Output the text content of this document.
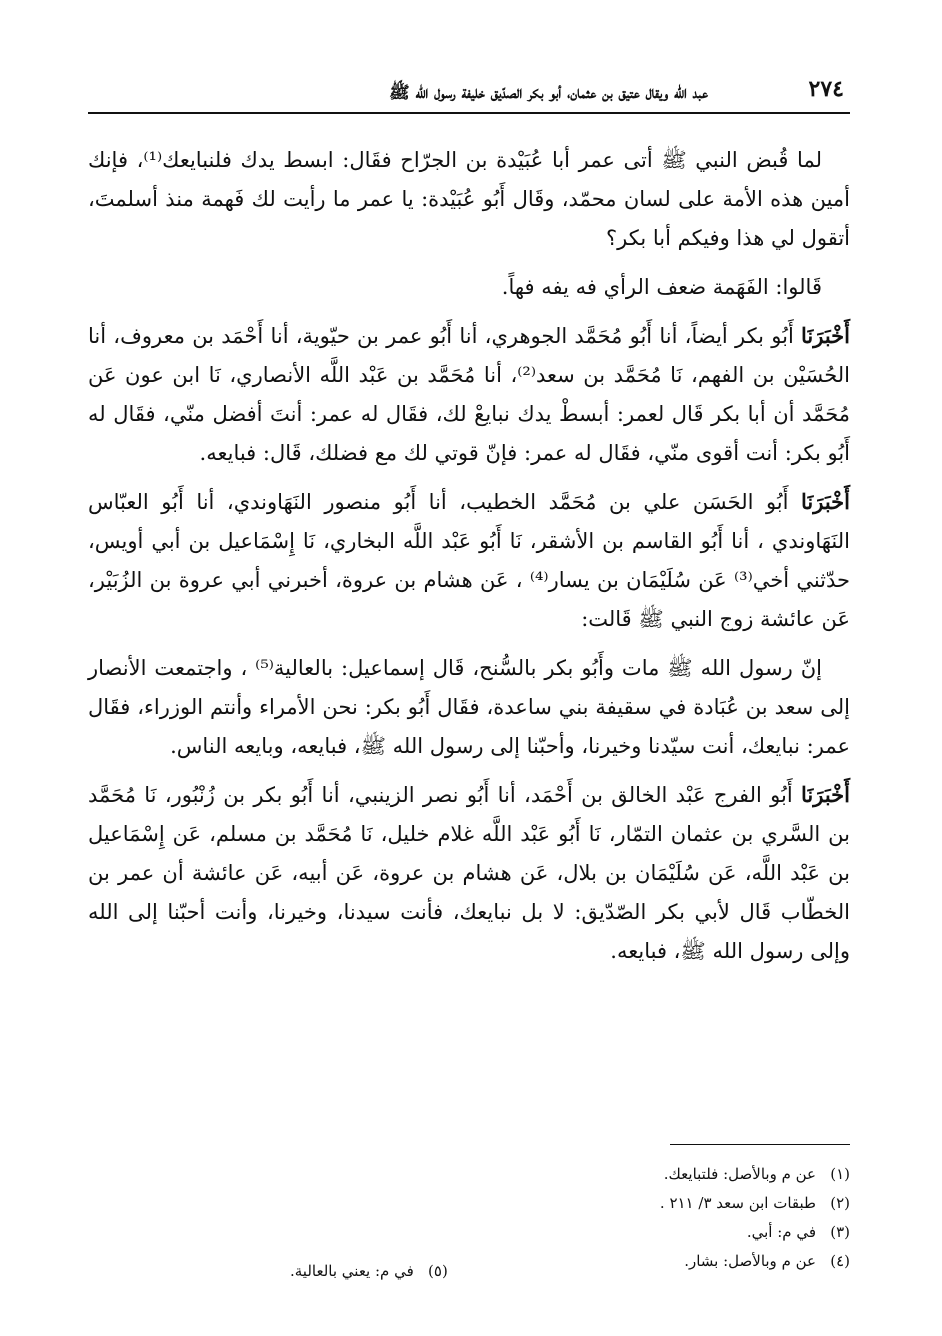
٢٧٤
عبد الله ويقال عتيق بن عثمان، أبو بكر الصدّيق خليفة رسول الله ﷺ

لما قُبض النبي ﷺ أتى عمر أبا عُبَيْدة بن الجرّاح فقَال: ابسط يدك فلنبايعك⁽¹⁾، فإنك أمين هذه الأمة على لسان محمّد، وقَال أَبُو عُبَيْدة: يا عمر ما رأيت لك فَهمة منذ أسلمتَ، أتقول لي هذا وفيكم أبا بكر؟

قَالوا: الفَهَمة ضعف الرأي فه يفه فهاً.

أَخْبَرَنَا أَبُو بكر أيضاً، أنا أَبُو مُحَمَّد الجوهري، أنا أَبُو عمر بن حيّوية، أنا أَحْمَد بن معروف، أنا الحُسَيْن بن الفهم، نَا مُحَمَّد بن سعد⁽²⁾، أنا مُحَمَّد بن عَبْد اللَّه الأنصاري، نَا ابن عون عَن مُحَمَّد أن أبا بكر قَال لعمر: أبسطْ يدك نبايعْ لك، فقَال له عمر: أنتَ أفضل منّي، فقَال له أَبُو بكر: أنت أقوى منّي، فقَال له عمر: فإنّ قوتي لك مع فضلك، قَال: فبايعه.

أَخْبَرَنَا أَبُو الحَسَن علي بن مُحَمَّد الخطيب، أنا أَبُو منصور النَهَاوندي، أنا أَبُو العبّاس النَهَاوندي ، أنا أَبُو القاسم بن الأشقر، نَا أَبُو عَبْد اللَّه البخاري، نَا إِسْمَاعيل بن أبي أويس، حدّثني أخي⁽³⁾ عَن سُلَيْمَان بن يسار⁽⁴⁾ ، عَن هشام بن عروة، أخبرني أبي عروة بن الزُبَيْر، عَن عائشة زوج النبي ﷺ قَالت:

إنّ رسول الله ﷺ مات وأَبُو بكر بالسُّنح، قَال إسماعيل: بالعالية⁽⁵⁾ ، واجتمعت الأنصار إلى سعد بن عُبَادة في سقيفة بني ساعدة، فقَال أَبُو بكر: نحن الأمراء وأنتم الوزراء، فقَال عمر: نبايعك، أنت سيّدنا وخيرنا، وأحبّنا إلى رسول الله ﷺ، فبايعه، وبايعه الناس.

أَخْبَرَنَا أَبُو الفرج عَبْد الخالق بن أَحْمَد، أنا أَبُو نصر الزينبي، أنا أَبُو بكر بن زُنْبُور، نَا مُحَمَّد بن السَّري بن عثمان التمّار، نَا أَبُو عَبْد اللَّه غلام خليل، نَا مُحَمَّد بن مسلم، عَن إِسْمَاعيل بن عَبْد اللَّه، عَن سُلَيْمَان بن بلال، عَن هشام بن عروة، عَن أبيه، عَن عائشة أن عمر بن الخطّاب قَال لأبي بكر الصّدّيق: لا بل نبايعك، فأنت سيدنا، وخيرنا، وأنت أحبّنا إلى الله وإلى رسول الله ﷺ، فبايعه.

(١)عن م وبالأصل: فلتبايعك.
(٢)طبقات ابن سعد ٣/ ٢١١ .
(٣)في م: أبي.
(٤)عن م وبالأصل: بشار.
(٥)في م: يعني بالعالية.
